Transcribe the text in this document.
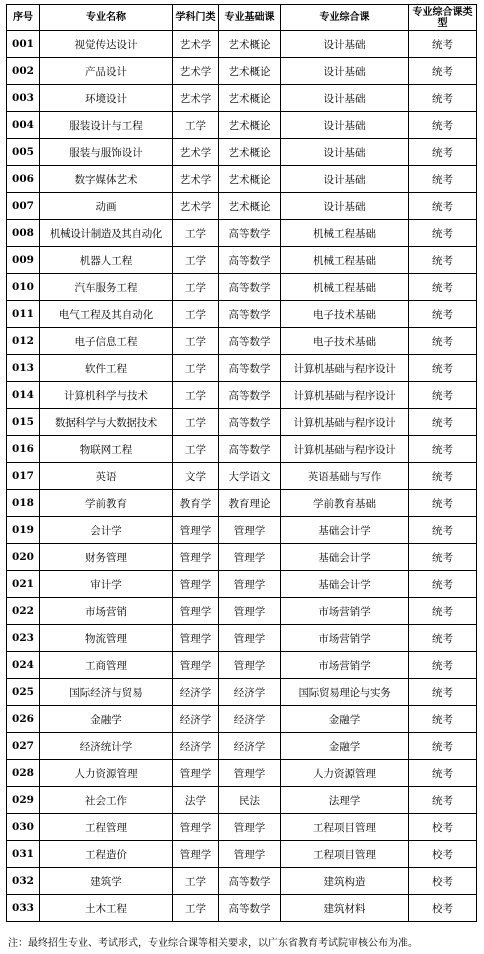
序号	专业名称	学科门类	专业基础课	专业综合课	专业综合课类型
001	视觉传达设计	艺术学	艺术概论	设计基础	统考
002	产品设计	艺术学	艺术概论	设计基础	统考
003	环境设计	艺术学	艺术概论	设计基础	统考
004	服装设计与工程	工学	艺术概论	设计基础	统考
005	服装与服饰设计	艺术学	艺术概论	设计基础	统考
006	数字媒体艺术	艺术学	艺术概论	设计基础	统考
007	动画	艺术学	艺术概论	设计基础	统考
008	机械设计制造及其自动化	工学	高等数学	机械工程基础	统考
009	机器人工程	工学	高等数学	机械工程基础	统考
010	汽车服务工程	工学	高等数学	机械工程基础	统考
011	电气工程及其自动化	工学	高等数学	电子技术基础	统考
012	电子信息工程	工学	高等数学	电子技术基础	统考
013	软件工程	工学	高等数学	计算机基础与程序设计	统考
014	计算机科学与技术	工学	高等数学	计算机基础与程序设计	统考
015	数据科学与大数据技术	工学	高等数学	计算机基础与程序设计	统考
016	物联网工程	工学	高等数学	计算机基础与程序设计	统考
017	英语	文学	大学语文	英语基础与写作	统考
018	学前教育	教育学	教育理论	学前教育基础	统考
019	会计学	管理学	管理学	基础会计学	统考
020	财务管理	管理学	管理学	基础会计学	统考
021	审计学	管理学	管理学	基础会计学	统考
022	市场营销	管理学	管理学	市场营销学	统考
023	物流管理	管理学	管理学	市场营销学	统考
024	工商管理	管理学	管理学	市场营销学	统考
025	国际经济与贸易	经济学	经济学	国际贸易理论与实务	统考
026	金融学	经济学	经济学	金融学	统考
027	经济统计学	经济学	经济学	金融学	统考
028	人力资源管理	管理学	管理学	人力资源管理	统考
029	社会工作	法学	民法	法理学	统考
030	工程管理	管理学	管理学	工程项目管理	校考
031	工程造价	管理学	管理学	工程项目管理	校考
032	建筑学	工学	高等数学	建筑构造	校考
033	土木工程	工学	高等数学	建筑材料	校考
注：最终招生专业、考试形式，专业综合课等相关要求，以广东省教育考试院审核公布为准。
